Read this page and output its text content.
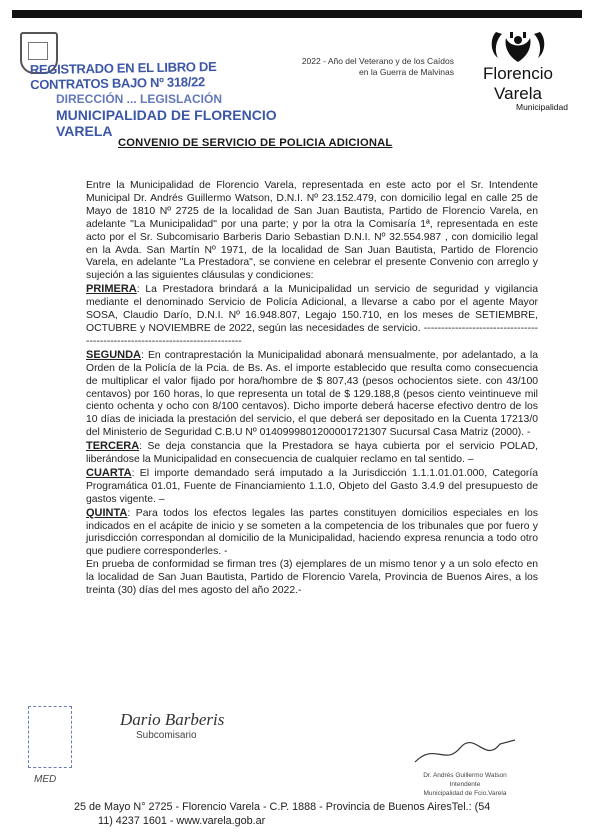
REGISTRADO EN EL LIBRO DE CONTRATOS BAJO Nº 318/22
DIRECCIÓN ... LEGISLACIÓN
MUNICIPALIDAD DE FLORENCIO VARELA
2022 - Año del Veterano y de los Caídos
en la Guerra de Malvinas	Florencio Varela
Municipalidad
CONVENIO DE SERVICIO DE POLICIA ADICIONAL

Entre la Municipalidad de Florencio Varela, representada en este acto por el Sr. Intendente Municipal Dr. Andrés Guillermo Watson, D.N.I. Nº 23.152.479, con domicilio legal en calle 25 de Mayo de 1810 Nº 2725 de la localidad de San Juan Bautista, Partido de Florencio Varela, en adelante "La Municipalidad" por una parte; y por la otra la Comisaría 1ª, representada en este acto por el Sr. Subcomisario Barberis Dario Sebastian D.N.I. Nº 32.554.987 , con domicilio legal en la Avda. San Martín Nº 1971, de la localidad de San Juan Bautista, Partido de Florencio Varela, en adelante "La Prestadora", se conviene en celebrar el presente Convenio con arreglo y sujeción a las siguientes cláusulas y condiciones:

PRIMERA: La Prestadora brindará a la Municipalidad un servicio de seguridad y vigilancia mediante el denominado Servicio de Policía Adicional, a llevarse a cabo por el agente Mayor SOSA, Claudio Darío, D.N.I. Nº 16.948.807, Legajo 150.710, en los meses de SETIEMBRE, OCTUBRE y NOVIEMBRE de 2022, según las necesidades de servicio. ------------------------------------------------------------------------------

SEGUNDA: En contraprestación la Municipalidad abonará mensualmente, por adelantado, a la Orden de la Policía de la Pcia. de Bs. As. el importe establecido que resulta como consecuencia de multiplicar el valor fijado por hora/hombre de $ 807,43 (pesos ochocientos siete. con 43/100 centavos) por 160 horas, lo que representa un total de $ 129.188,8 (pesos ciento veintinueve mil ciento ochenta y ocho con 8/100 centavos). Dicho importe deberá hacerse efectivo dentro de los 10 días de iniciada la prestación del servicio, el que deberá ser depositado en la Cuenta 17213/0 del Ministerio de Seguridad C.B.U Nº 0140999801200001721307 Sucursal Casa Matriz (2000). -

TERCERA: Se deja constancia que la Prestadora se haya cubierta por el servicio POLAD, liberándose la Municipalidad en consecuencia de cualquier reclamo en tal sentido. –

CUARTA: El importe demandado será imputado a la Jurisdicción 1.1.1.01.01.000, Categoría Programática 01.01, Fuente de Financiamiento 1.1.0, Objeto del Gasto 3.4.9 del presupuesto de gastos vigente. –

QUINTA: Para todos los efectos legales las partes constituyen domicilios especiales en los indicados en el acápite de inicio y se someten a la competencia de los tribunales que por fuero y jurisdicción correspondan al domicilio de la Municipalidad, haciendo expresa renuncia a todo otro que pudiere corresponderles. -

En prueba de conformidad se firman tres (3) ejemplares de un mismo tenor y a un solo efecto en la localidad de San Juan Bautista, Partido de Florencio Varela, Provincia de Buenos Aires, a los treinta (30) días del mes agosto del año 2022.-

MED
Dario Barberis
Subcomisario
Dr. Andrés Guillermo Watson
Intendente
Municipalidad de Fcio.Varela
25 de Mayo N° 2725 - Florencio Varela - C.P. 1888 - Provincia de Buenos AiresTel.: (54
11) 4237 1601 - www.varela.gob.ar
